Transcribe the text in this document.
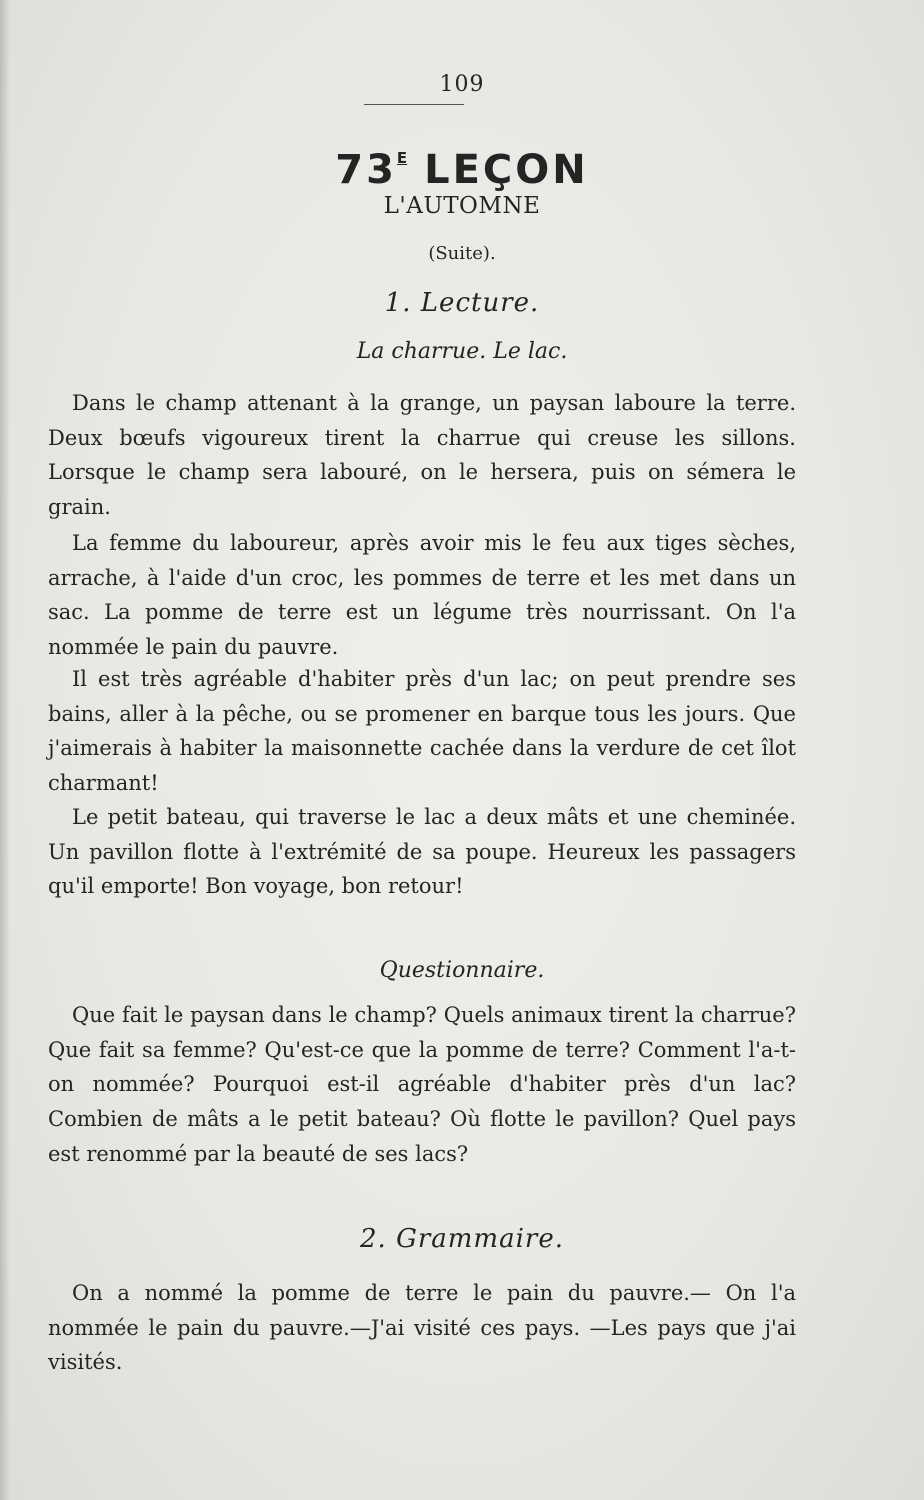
109
$73^E$ LEÇON
L'AUTOMNE
(Suite).
1. Lecture.
La charrue. Le lac.

Dans le champ attenant à la grange, un paysan laboure la terre. Deux bœufs vigoureux tirent la charrue qui creuse les sillons. Lorsque le champ sera labouré, on le hersera, puis on sémera le grain.

La femme du laboureur, après avoir mis le feu aux tiges sèches, arrache, à l'aide d'un croc, les pommes de terre et les met dans un sac. La pomme de terre est un légume très nourrissant. On l'a nommée le pain du pauvre.

Il est très agréable d'habiter près d'un lac; on peut prendre ses bains, aller à la pêche, ou se promener en barque tous les jours. Que j'aimerais à habiter la maisonnette cachée dans la verdure de cet îlot charmant!

Le petit bateau, qui traverse le lac a deux mâts et une cheminée. Un pavillon flotte à l'extrémité de sa poupe. Heureux les passagers qu'il emporte! Bon voyage, bon retour!

Questionnaire.

Que fait le paysan dans le champ? Quels animaux tirent la charrue? Que fait sa femme? Qu'est-ce que la pomme de terre? Comment l'a-t-on nommée? Pourquoi est-il agréable d'habiter près d'un lac? Combien de mâts a le petit bateau? Où flotte le pavillon? Quel pays est renommé par la beauté de ses lacs?

2. Grammaire.

On a nommé la pomme de terre le pain du pauvre.— On l'a nommée le pain du pauvre.—J'ai visité ces pays. —Les pays que j'ai visités.
